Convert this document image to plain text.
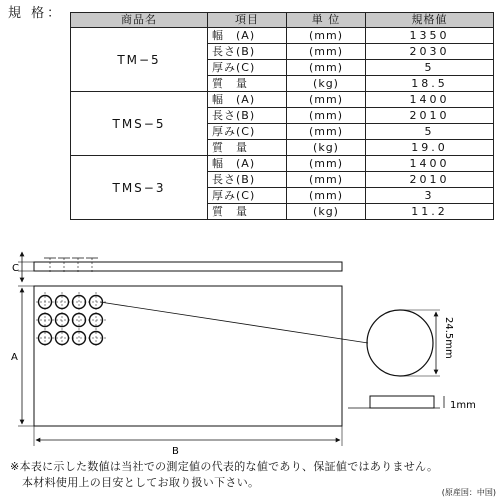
規 格：	商品名	項目	単 位	規格値
TM−5	幅　(A)	(mm)	1350
	長さ(B)	(mm)	2030
	厚み(C)	(mm)	5
	質　量	(kg)	18.5
TMS−5	幅　(A)	(mm)	1400
	長さ(B)	(mm)	2010
	厚み(C)	(mm)	5
	質　量	(kg)	19.0
TMS−3	幅　(A)	(mm)	1400
	長さ(B)	(mm)	2010
	厚み(C)	(mm)	3
	質　量	(kg)	11.2
C
A
B
24.5mm
1mm
※本表に示した数値は当社での測定値の代表的な値であり、保証値ではありません。
本材料使用上の目安としてお取り扱い下さい。
(原産国：中国)
